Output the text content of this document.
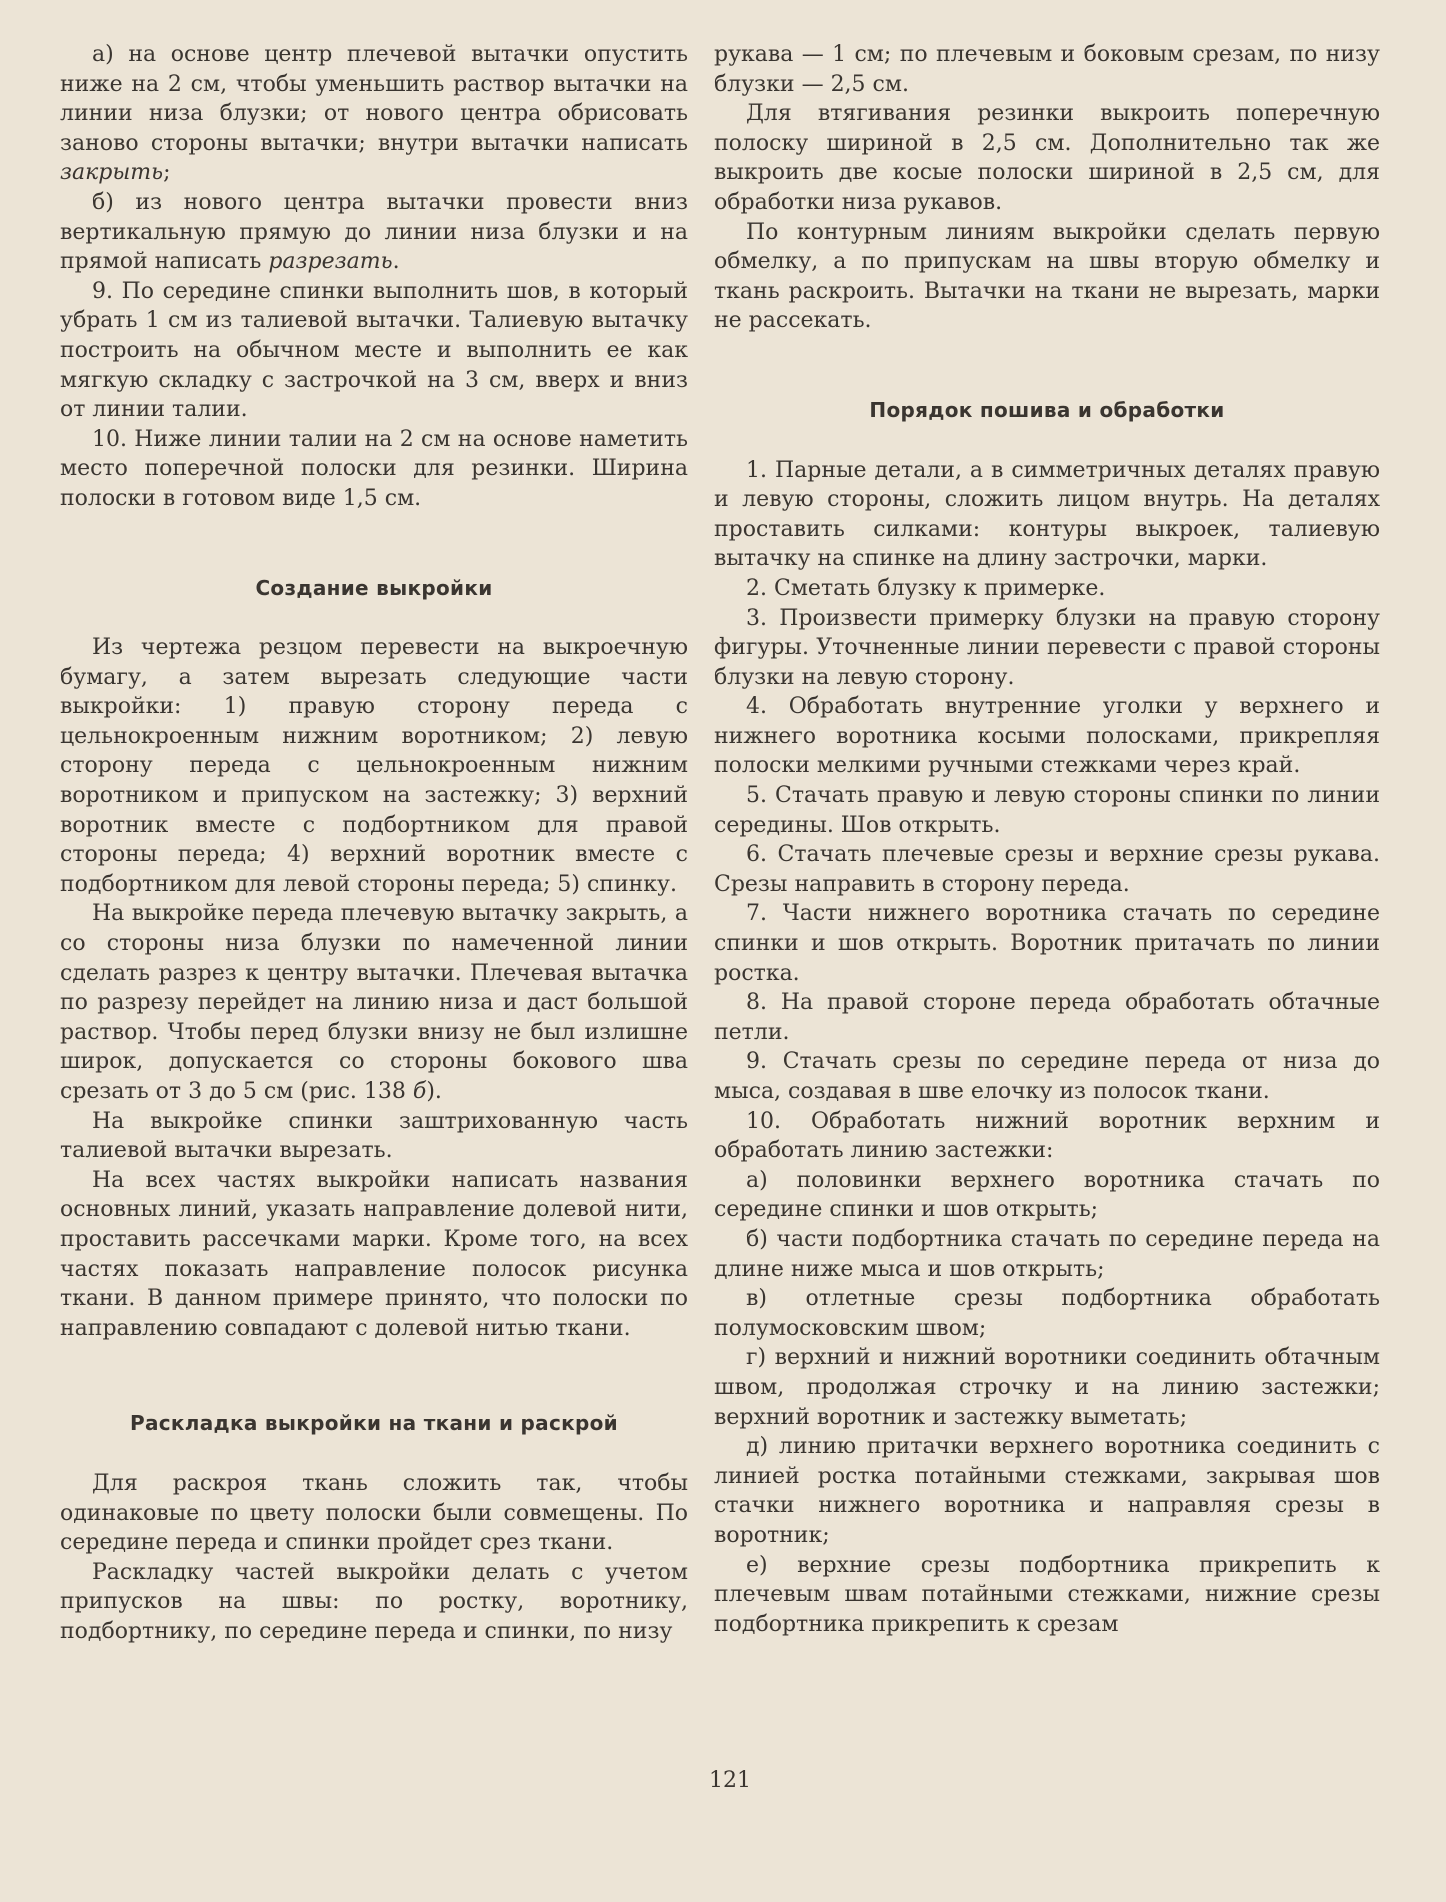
а) на основе центр плечевой вытачки опустить ниже на 2 см, чтобы уменьшить раствор вытачки на линии низа блузки; от нового центра обрисовать заново стороны вытачки; внутри вытачки написать закрыть;

б) из нового центра вытачки провести вниз вертикальную прямую до линии низа блузки и на прямой написать разрезать.

9. По середине спинки выполнить шов, в который убрать 1 см из талиевой вытачки. Талиевую вытачку построить на обычном месте и выполнить ее как мягкую складку с застрочкой на 3 см, вверх и вниз от линии талии.

10. Ниже линии талии на 2 см на основе наметить место поперечной полоски для резинки. Ширина полоски в готовом виде 1,5 см.

Создание выкройки

Из чертежа резцом перевести на выкроечную бумагу, а затем вырезать следующие части выкройки: 1) правую сторону переда с цельнокроенным нижним воротником; 2) левую сторону переда с цельнокроенным нижним воротником и припуском на застежку; 3) верхний воротник вместе с подбортником для правой стороны переда; 4) верхний воротник вместе с подбортником для левой стороны переда; 5) спинку.

На выкройке переда плечевую вытачку закрыть, а со стороны низа блузки по намеченной линии сделать разрез к центру вытачки. Плечевая вытачка по разрезу перейдет на линию низа и даст большой раствор. Чтобы перед блузки внизу не был излишне широк, допускается со стороны бокового шва срезать от 3 до 5 см (рис. 138 б).

На выкройке спинки заштрихованную часть талиевой вытачки вырезать.

На всех частях выкройки написать названия основных линий, указать направление долевой нити, проставить рассечками марки. Кроме того, на всех частях показать направление полосок рисунка ткани. В данном примере принято, что полоски по направлению совпадают с долевой нитью ткани.

Раскладка выкройки на ткани и раскрой

Для раскроя ткань сложить так, чтобы одинаковые по цвету полоски были совмещены. По середине переда и спинки пройдет срез ткани.

Раскладку частей выкройки делать с учетом припусков на швы: по ростку, воротнику, подбортнику, по середине переда и спинки, по низу

рукава — 1 см; по плечевым и боковым срезам, по низу блузки — 2,5 см.

Для втягивания резинки выкроить поперечную полоску шириной в 2,5 см. Дополнительно так же выкроить две косые полоски шириной в 2,5 см, для обработки низа рукавов.

По контурным линиям выкройки сделать первую обмелку, а по припускам на швы вторую обмелку и ткань раскроить. Вытачки на ткани не вырезать, марки не рассекать.

Порядок пошива и обработки

1. Парные детали, а в симметричных деталях правую и левую стороны, сложить лицом внутрь. На деталях проставить силками: контуры выкроек, талиевую вытачку на спинке на длину застрочки, марки.

2. Сметать блузку к примерке.

3. Произвести примерку блузки на правую сторону фигуры. Уточненные линии перевести с правой стороны блузки на левую сторону.

4. Обработать внутренние уголки у верхнего и нижнего воротника косыми полосками, прикрепляя полоски мелкими ручными стежками через край.

5. Стачать правую и левую стороны спинки по линии середины. Шов открыть.

6. Стачать плечевые срезы и верхние срезы рукава. Срезы направить в сторону переда.

7. Части нижнего воротника стачать по середине спинки и шов открыть. Воротник притачать по линии ростка.

8. На правой стороне переда обработать обтачные петли.

9. Стачать срезы по середине переда от низа до мыса, создавая в шве елочку из полосок ткани.

10. Обработать нижний воротник верхним и обработать линию застежки:

а) половинки верхнего воротника стачать по середине спинки и шов открыть;

б) части подбортника стачать по середине переда на длине ниже мыса и шов открыть;

в) отлетные срезы подбортника обработать полумосковским швом;

г) верхний и нижний воротники соединить обтачным швом, продолжая строчку и на линию застежки; верхний воротник и застежку выметать;

д) линию притачки верхнего воротника соединить с линией ростка потайными стежками, закрывая шов стачки нижнего воротника и направляя срезы в воротник;

е) верхние срезы подбортника прикрепить к плечевым швам потайными стежками, нижние срезы подбортника прикрепить к срезам

121
